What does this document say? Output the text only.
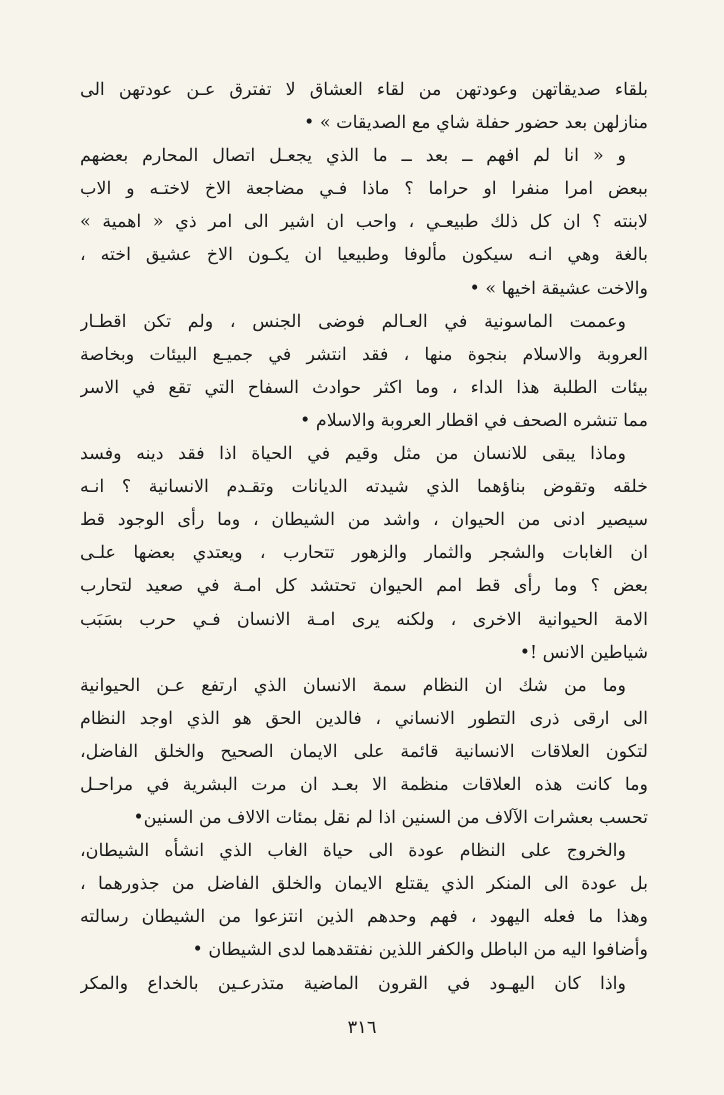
بلقاء صديقاتهن وعودتهن من لقاء العشاق لا تفترق عـن عودتهن الى
منازلهن بعد حضور حفلة شاي مع الصديقات » •
و « انا لم افهم ــ بعد ــ ما الذي يجعـل اتصال المحارم بعضهم
ببعض امرا منفرا او حراما ؟ ماذا فـي مضاجعة الاخ لاختـه و الاب
لابنته ؟ ان كل ذلك طبيعـي ، واحب ان اشير الى امر ذي « اهمية »
بالغة وهي انـه سيكون مألوفا وطبيعيا ان يكـون الاخ عشيق اخته ،
والاخت عشيقة اخيها » •
وعممت الماسونية في العـالم فوضى الجنس ، ولم تكن اقطـار
العروبة والاسلام بنجوة منها ، فقد انتشر في جميـع البيئات وبخاصة
بيئات الطلبة هذا الداء ، وما اكثر حوادث السفاح التي تقع في الاسر
مما تنشره الصحف في اقطار العروبة والاسلام •
وماذا يبقى للانسان من مثل وقيم في الحياة اذا فقد دينه وفسد
خلقه وتقوض بناؤهما الذي شيدته الديانات وتقـدم الانسانية ؟ انـه
سيصير ادنى من الحيوان ، واشد من الشيطان ، وما رأى الوجود قط
ان الغابات والشجر والثمار والزهور تتحارب ، ويعتدي بعضها علـى
بعض ؟ وما رأى قط امم الحيوان تحتشد كل امـة في صعيد لتحارب
الامة الحيوانية الاخرى ، ولكنه يرى امـة الانسان فـي حرب بسَبَب
شياطين الانس !•
وما من شك ان النظام سمة الانسان الذي ارتفع عـن الحيوانية
الى ارقى ذرى التطور الانساني ، فالدين الحق هو الذي اوجد النظام
لتكون العلاقات الانسانية قائمة على الايمان الصحيح والخلق الفاضل،
وما كانت هذه العلاقات منظمة الا بعـد ان مرت البشرية في مراحـل
تحسب بعشرات الآلاف من السنين اذا لم نقل بمئات الالاف من السنين•
والخروج على النظام عودة الى حياة الغاب الذي انشأه الشيطان،
بل عودة الى المنكر الذي يقتلع الايمان والخلق الفاضل من جذورهما ،
وهذا ما فعله اليهود ، فهم وحدهم الذين انتزعوا من الشيطان رسالته
وأضافوا اليه من الباطل والكفر اللذين نفتقدهما لدى الشيطان •
واذا كان اليهـود في القرون الماضية متذرعـين بالخداع والمكر
٣١٦
